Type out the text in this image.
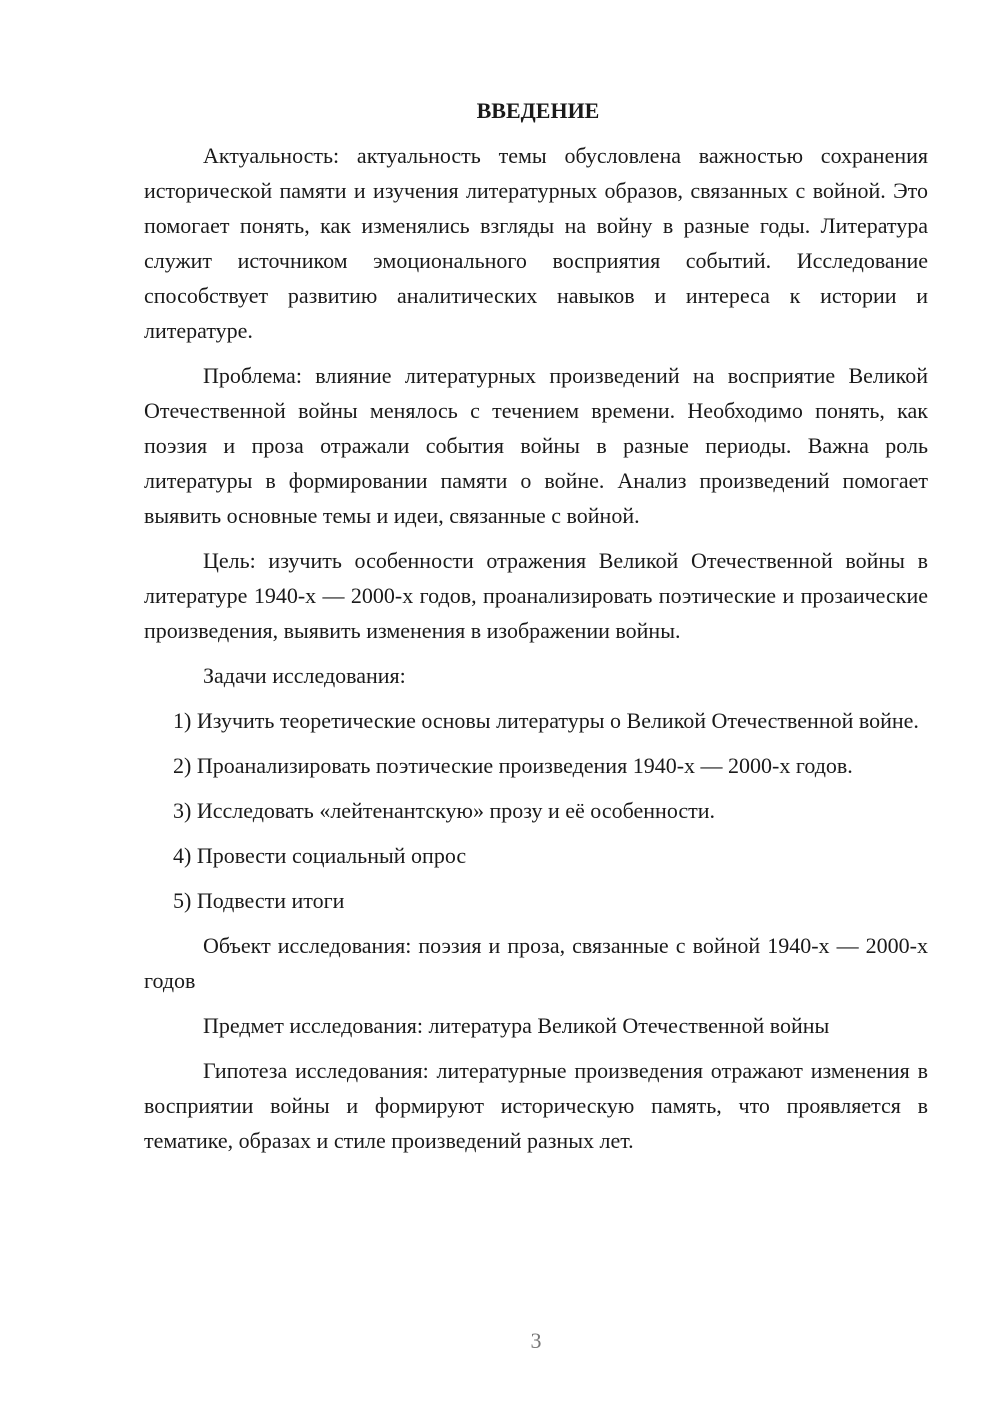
ВВЕДЕНИЕ

Актуальность: актуальность темы обусловлена важностью сохранения исторической памяти и изучения литературных образов, связанных с войной. Это помогает понять, как изменялись взгляды на войну в разные годы. Литература служит источником эмоционального восприятия событий. Исследование способствует развитию аналитических навыков и интереса к истории и литературе.

Проблема: влияние литературных произведений на восприятие Великой Отечественной войны менялось с течением времени. Необходимо понять, как поэзия и проза отражали события войны в разные периоды. Важна роль литературы в формировании памяти о войне. Анализ произведений помогает выявить основные темы и идеи, связанные с войной.

Цель: изучить особенности отражения Великой Отечественной войны в литературе 1940-х — 2000-х годов, проанализировать поэтические и прозаические произведения, выявить изменения в изображении войны.

Задачи исследования:

1) Изучить теоретические основы литературы о Великой Отечественной войне.

2) Проанализировать поэтические произведения 1940-х — 2000-х годов.

3) Исследовать «лейтенантскую» прозу и её особенности.

4) Провести социальный опрос

5) Подвести итоги

Объект исследования: поэзия и проза, связанные с войной 1940-х — 2000-х годов

Предмет исследования: литература Великой Отечественной войны

Гипотеза исследования: литературные произведения отражают изменения в восприятии войны и формируют историческую память, что проявляется в тематике, образах и стиле произведений разных лет.

3
